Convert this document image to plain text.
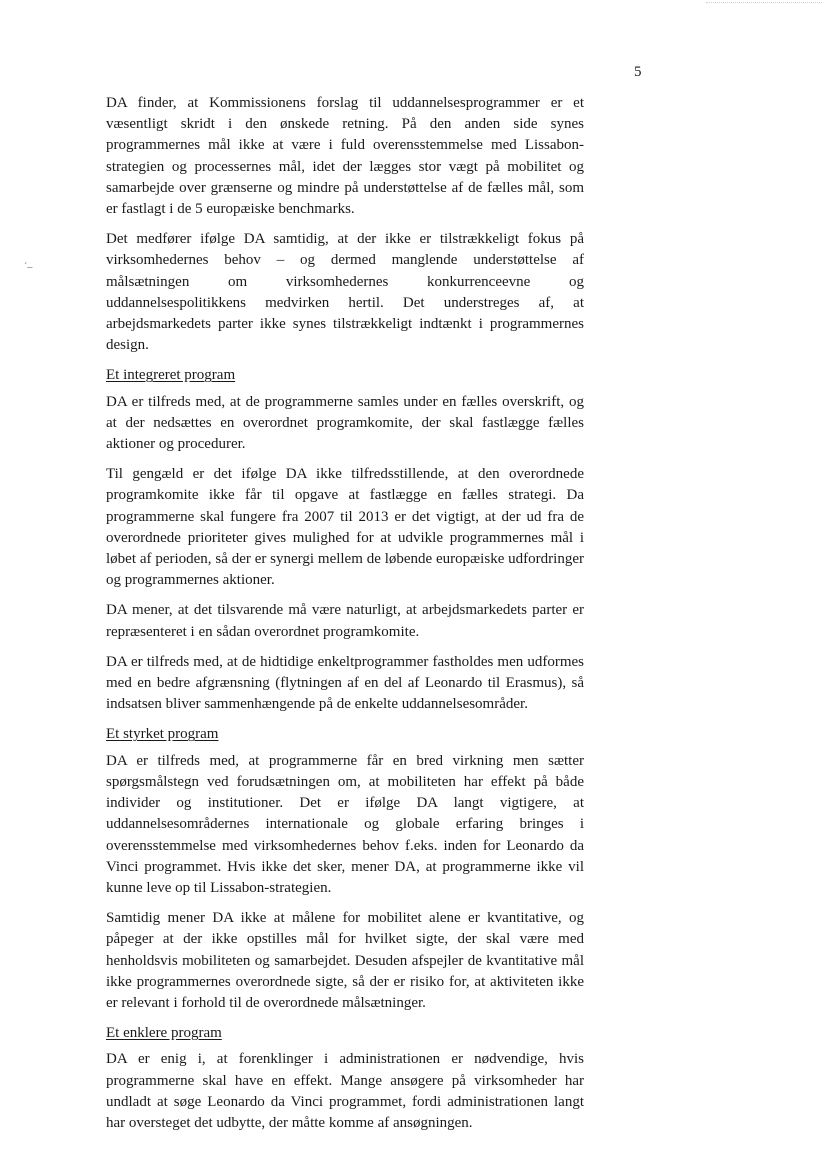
5
´–

DA finder, at Kommissionens forslag til uddannelsesprogrammer er et væsentligt skridt i den ønskede retning. På den anden side synes programmernes mål ikke at være i fuld overensstemmelse med Lissabon-strategien og processernes mål, idet der lægges stor vægt på mobilitet og samarbejde over grænserne og mindre på understøttelse af de fælles mål, som er fastlagt i de 5 europæiske benchmarks.

Det medfører ifølge DA samtidig, at der ikke er tilstrækkeligt fokus på virksomhedernes behov – og dermed manglende understøttelse af målsætningen om virksomhedernes konkurrenceevne og uddannelsespolitikkens medvirken hertil. Det understreges af, at arbejdsmarkedets parter ikke synes tilstrækkeligt indtænkt i programmernes design.

Et integreret program

DA er tilfreds med, at de programmerne samles under en fælles overskrift, og at der nedsættes en overordnet programkomite, der skal fastlægge fælles aktioner og procedurer.

Til gengæld er det ifølge DA ikke tilfredsstillende, at den overordnede programkomite ikke får til opgave at fastlægge en fælles strategi. Da programmerne skal fungere fra 2007 til 2013 er det vigtigt, at der ud fra de overordnede prioriteter gives mulighed for at udvikle programmernes mål i løbet af perioden, så der er synergi mellem de løbende europæiske udfordringer og programmernes aktioner.

DA mener, at det tilsvarende må være naturligt, at arbejdsmarkedets parter er repræsenteret i en sådan overordnet programkomite.

DA er tilfreds med, at de hidtidige enkeltprogrammer fastholdes men udformes med en bedre afgrænsning (flytningen af en del af Leonardo til Erasmus), så indsatsen bliver sammenhængende på de enkelte uddannelsesområder.

Et styrket program

DA er tilfreds med, at programmerne får en bred virkning men sætter spørgsmålstegn ved forudsætningen om, at mobiliteten har effekt på både individer og institutioner. Det er ifølge DA langt vigtigere, at uddannelsesområdernes internationale og globale erfaring bringes i overensstemmelse med virksomhedernes behov f.eks. inden for Leonardo da Vinci programmet. Hvis ikke det sker, mener DA, at programmerne ikke vil kunne leve op til Lissabon-strategien.

Samtidig mener DA ikke at målene for mobilitet alene er kvantitative, og påpeger at der ikke opstilles mål for hvilket sigte, der skal være med henholdsvis mobiliteten og samarbejdet. Desuden afspejler de kvantitative mål ikke programmernes overordnede sigte, så der er risiko for, at aktiviteten ikke er relevant i forhold til de overordnede målsætninger.

Et enklere program

DA er enig i, at forenklinger i administrationen er nødvendige, hvis programmerne skal have en effekt. Mange ansøgere på virksomheder har undladt at søge Leonardo da Vinci programmet, fordi administrationen langt har oversteget det udbytte, der måtte komme af ansøgningen.
